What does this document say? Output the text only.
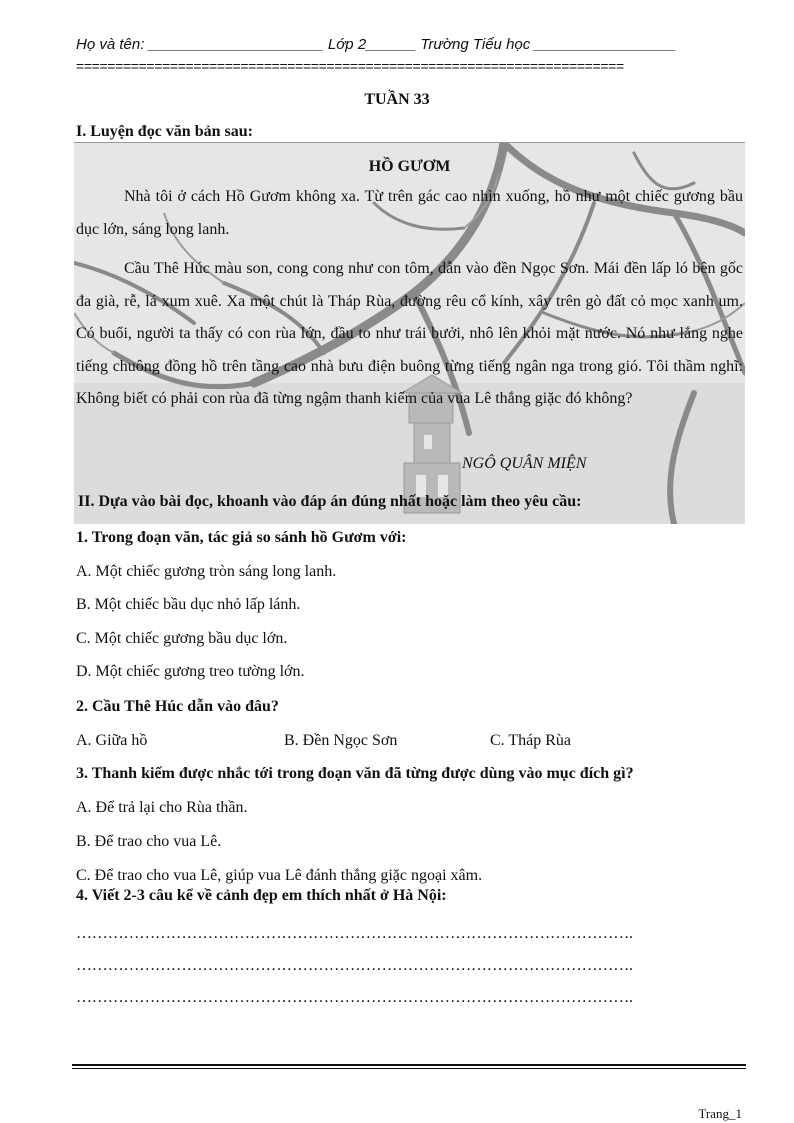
Họ và tên: _____________________ Lớp 2______ Trường Tiểu học _________________
======================================================================
TUẦN 33
I. Luyện đọc văn bản sau:
HỒ GƯƠM
Nhà tôi ở cách Hồ Gươm không xa. Từ trên gác cao nhìn xuống, hồ như một chiếc gương bầu dục lớn, sáng long lanh.
Cầu Thê Húc màu son, cong cong như con tôm, dẫn vào đền Ngọc Sơn. Mái đền lấp ló bên gốc đa già, rễ, lá xum xuê. Xa một chút là Tháp Rùa, đường rêu cổ kính, xây trên gò đất cỏ mọc xanh um. Có buổi, người ta thấy có con rùa lớn, đầu to như trái bưởi, nhô lên khỏi mặt nước. Nó như lắng nghe tiếng chuông đồng hồ trên tầng cao nhà bưu điện buông từng tiếng ngân nga trong gió. Tôi thầm nghĩ: Không biết có phải con rùa đã từng ngậm thanh kiếm của vua Lê thắng giặc đó không?
NGÔ QUÂN MIỆN
II. Dựa vào bài đọc, khoanh vào đáp án đúng nhất hoặc làm theo yêu cầu:
1. Trong đoạn văn, tác giả so sánh hồ Gươm với:
A. Một chiếc gương tròn sáng long lanh.
B. Một chiếc bầu dục nhỏ lấp lánh.
C. Một chiếc gương bầu dục lớn.
D. Một chiếc gương treo tường lớn.
2. Cầu Thê Húc dẫn vào đâu?
A. Giữa hồ	B. Đền Ngọc Sơn	C. Tháp Rùa
3. Thanh kiếm được nhắc tới trong đoạn văn đã từng được dùng vào mục đích gì?
A. Để trả lại cho Rùa thần.
B. Để trao cho vua Lê.
C. Để trao cho vua Lê, giúp vua Lê đánh thắng giặc ngoại xâm.
4. Viết 2-3 câu kể về cảnh đẹp em thích nhất ở Hà Nội:
…………………………………………………………………………………………….
…………………………………………………………………………………………….
…………………………………………………………………………………………….
Trang_1
